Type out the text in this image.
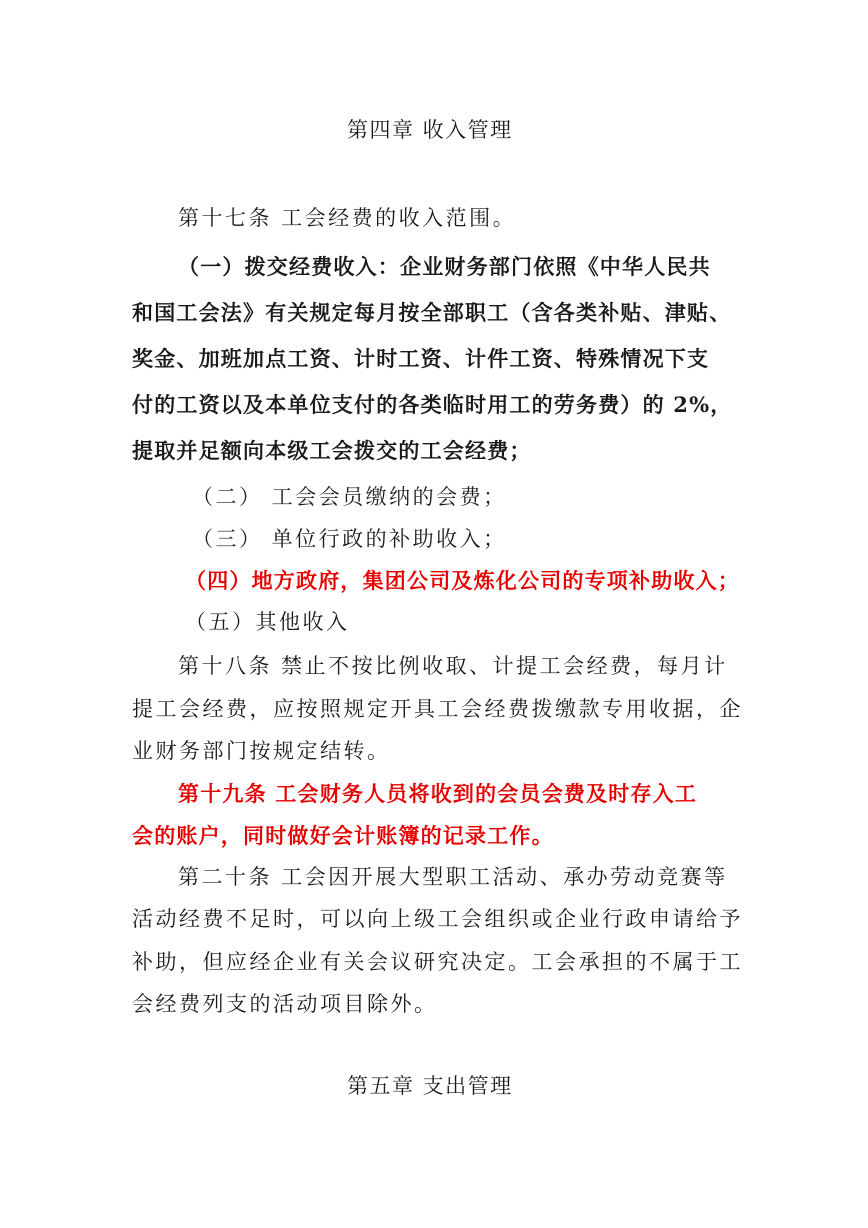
第四章 收入管理

第十七条 工会经费的收入范围。

（一）拨交经费收入：企业财务部门依照《中华人民共

和国工会法》有关规定每月按全部职工（含各类补贴、津贴、

奖金、加班加点工资、计时工资、计件工资、特殊情况下支

付的工资以及本单位支付的各类临时用工的劳务费）的 2%，

提取并足额向本级工会拨交的工会经费；

（二） 工会会员缴纳的会费；

（三） 单位行政的补助收入；

（四）地方政府，集团公司及炼化公司的专项补助收入；

（五）其他收入

第十八条 禁止不按比例收取、计提工会经费，每月计

提工会经费，应按照规定开具工会经费拨缴款专用收据，企

业财务部门按规定结转。

第十九条 工会财务人员将收到的会员会费及时存入工

会的账户，同时做好会计账簿的记录工作。

第二十条 工会因开展大型职工活动、承办劳动竞赛等

活动经费不足时，可以向上级工会组织或企业行政申请给予

补助，但应经企业有关会议研究决定。工会承担的不属于工

会经费列支的活动项目除外。

第五章 支出管理
